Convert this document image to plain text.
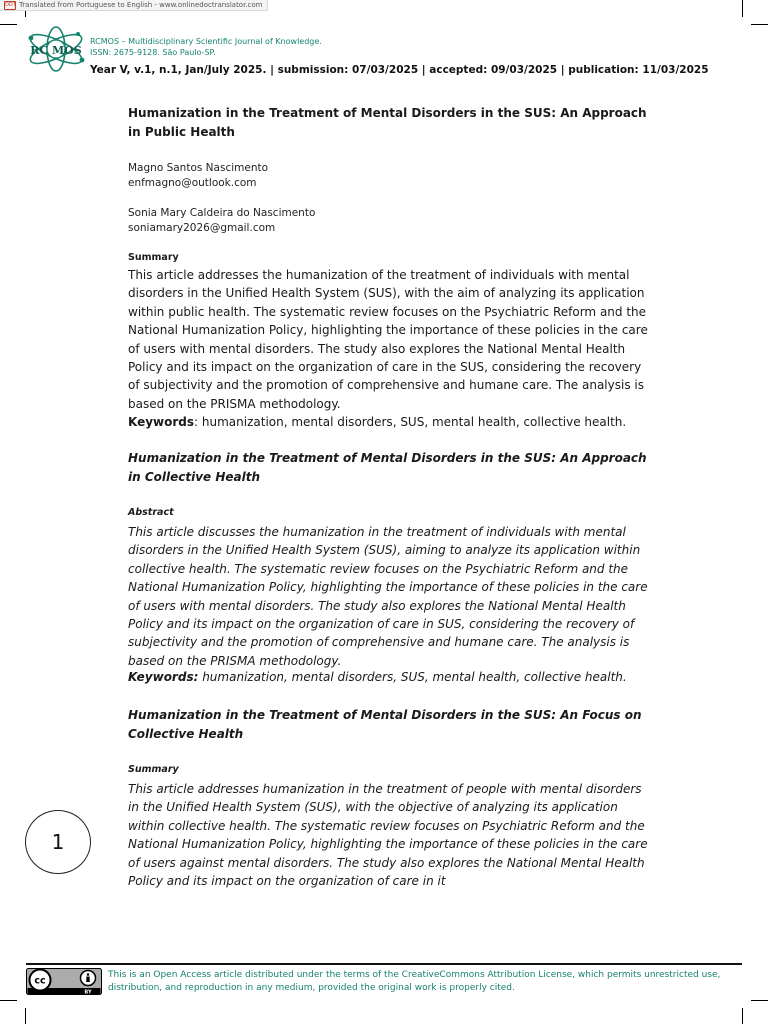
ODT Translated from Portuguese to English - www.onlinedoctranslator.com
RC MOS
RCMOS – Multidisciplinary Scientific Journal of Knowledge.
ISSN: 2675-9128. São Paulo-SP.
Year V, v.1, n.1, Jan/July 2025. | submission: 07/03/2025 | accepted: 09/03/2025 | publication: 11/03/2025
Humanization in the Treatment of Mental Disorders in the SUS: An Approach in Public Health
Magno Santos Nascimento
enfmagno@outlook.com
Sonia Mary Caldeira do Nascimento
soniamary2026@gmail.com
Summary
This article addresses the humanization of the treatment of individuals with mental disorders in the Unified Health System (SUS), with the aim of analyzing its application within public health. The systematic review focuses on the Psychiatric Reform and the National Humanization Policy, highlighting the importance of these policies in the care of users with mental disorders. The study also explores the National Mental Health Policy and its impact on the organization of care in the SUS, considering the recovery of subjectivity and the promotion of comprehensive and humane care. The analysis is based on the PRISMA methodology.
Keywords: humanization, mental disorders, SUS, mental health, collective health.
Humanization in the Treatment of Mental Disorders in the SUS: An Approach in Collective Health
Abstract
This article discusses the humanization in the treatment of individuals with mental disorders in the Unified Health System (SUS), aiming to analyze its application within collective health. The systematic review focuses on the Psychiatric Reform and the National Humanization Policy, highlighting the importance of these policies in the care of users with mental disorders. The study also explores the National Mental Health Policy and its impact on the organization of care in SUS, considering the recovery of subjectivity and the promotion of comprehensive and humane care. The analysis is based on the PRISMA methodology.
Keywords: humanization, mental disorders, SUS, mental health, collective health.
Humanization in the Treatment of Mental Disorders in the SUS: An Focus on Collective Health
Summary
This article addresses humanization in the treatment of people with mental disorders in the Unified Health System (SUS), with the objective of analyzing its application within collective health. The systematic review focuses on Psychiatric Reform and the National Humanization Policy, highlighting the importance of these policies in the care of users against mental disorders. The study also explores the National Mental Health Policy and its impact on the organization of care in it
1
cc
BY
This is an Open Access article distributed under the terms of the CreativeCommons Attribution License, which permits unrestricted use, distribution, and reproduction in any medium, provided the original work is properly cited.
